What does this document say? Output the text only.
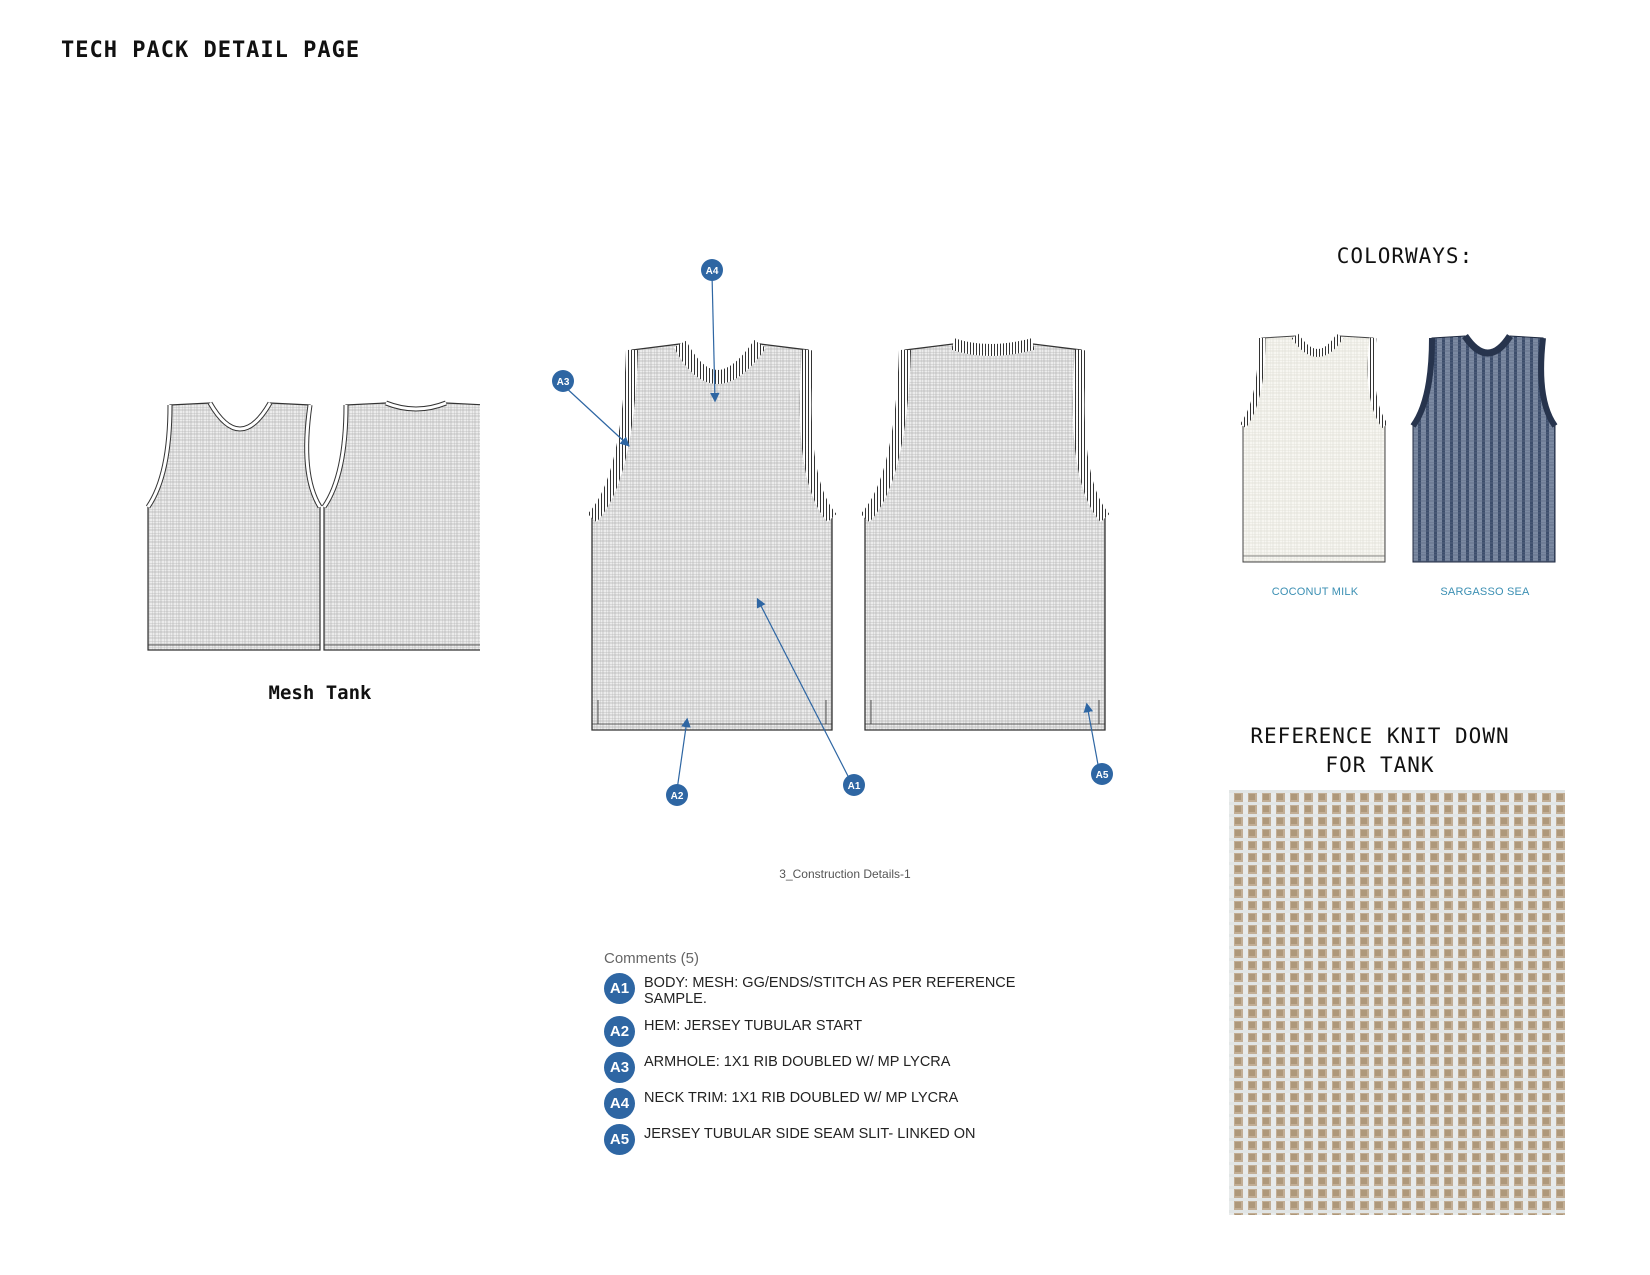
TECH PACK DETAIL PAGE
Mesh Tank
A4
A3
A2
A1
A5
3_Construction Details-1
Comments (5)
A1	BODY: MESH: GG/ENDS/STITCH AS PER REFERENCE SAMPLE.
A2	HEM: JERSEY TUBULAR START
A3	ARMHOLE: 1X1 RIB DOUBLED W/ MP LYCRA
A4	NECK TRIM: 1X1 RIB DOUBLED W/ MP LYCRA
A5	JERSEY TUBULAR SIDE SEAM SLIT- LINKED ON
COLORWAYS:
COCONUT MILK	SARGASSO SEA
REFERENCE KNIT DOWN
FOR TANK
